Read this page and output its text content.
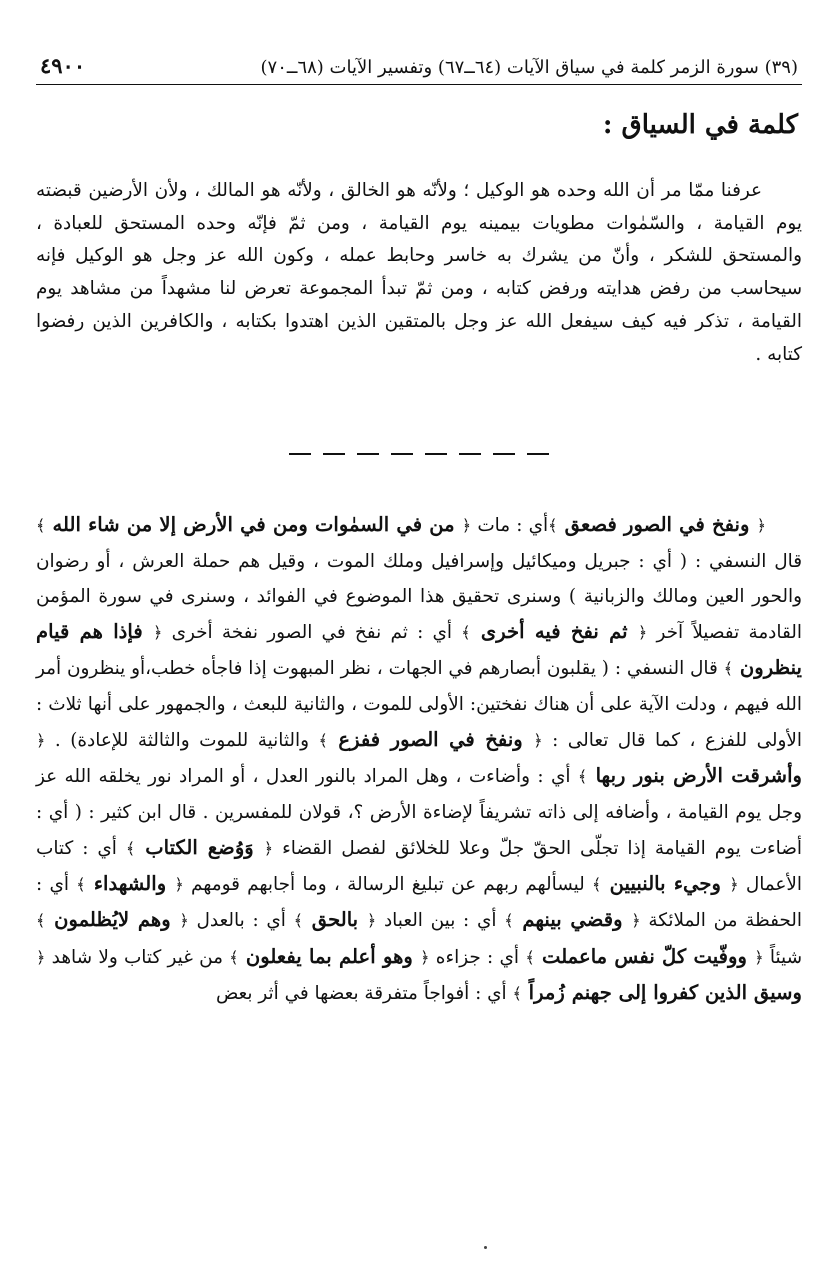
(٣٩) سورة الزمر كلمة في سياق الآيات (٦٤ــ٦٧) وتفسير الآيات (٦٨ــ٧٠)
٤٩٠٠
كلمة في السياق :

عرفنا ممّا مر أن الله وحده هو الوكيل ؛ ولأنّه هو الخالق ، ولأنّه هو المالك ، ولأن الأرضين قبضته يوم القيامة ، والسّمٰوات مطويات بيمينه يوم القيامة ، ومن ثمّ فإنّه وحده المستحق للعبادة ، والمستحق للشكر ، وأنّ من يشرك به خاسر وحابط عمله ، وكون الله عز وجل هو الوكيل فإنه سيحاسب من رفض هدايته ورفض كتابه ، ومن ثمّ تبدأ المجموعة تعرض لنا مشهداً من مشاهد يوم القيامة ، تذكر فيه كيف سيفعل الله عز وجل بالمتقين الذين اهتدوا بكتابه ، والكافرين الذين رفضوا كتابه .

﴿ ونفخ في الصور فصعق ﴾أي : مات ﴿ من في السمٰوات ومن في الأرض إلا من شاء الله ﴾ قال النسفي : ( أي : جبريل وميكائيل وإسرافيل وملك الموت ، وقيل هم حملة العرش ، أو رضوان والحور العين ومالك والزبانية ) وسنرى تحقيق هذا الموضوع في الفوائد ، وسنرى في سورة المؤمن القادمة تفصيلاً آخر ﴿ ثم نفخ فيه أخرى ﴾ أي : ثم نفخ في الصور نفخة أخرى ﴿ فإذا هم قيام ينظرون ﴾ قال النسفي : ( يقلبون أبصارهم في الجهات ، نظر المبهوت إذا فاجأه خطب،أو ينظرون أمر الله فيهم ، ودلت الآية على أن هناك نفختين: الأولى للموت ، والثانية للبعث ، والجمهور على أنها ثلاث : الأولى للفزع ، كما قال تعالى : ﴿ ونفخ في الصور ففزع ﴾ والثانية للموت والثالثة للإعادة) . ﴿ وأشرقت الأرض بنور ربها ﴾ أي : وأضاءت ، وهل المراد بالنور العدل ، أو المراد نور يخلقه الله عز وجل يوم القيامة ، وأضافه إلى ذاته تشريفاً لإضاءة الأرض ؟، قولان للمفسرين . قال ابن كثير : ( أي : أضاءت يوم القيامة إذا تجلّى الحقّ جلّ وعلا للخلائق لفصل القضاء ﴿ وَوُضع الكتاب ﴾ أي : كتاب الأعمال ﴿ وجيء بالنبيين ﴾ ليسألهم ربهم عن تبليغ الرسالة ، وما أجابهم قومهم ﴿ والشهداء ﴾ أي : الحفظة من الملائكة ﴿ وقضي بينهم ﴾ أي : بين العباد ﴿ بالحق ﴾ أي : بالعدل ﴿ وهم لايُظلمون ﴾ شيئاً ﴿ ووفّيت كلّ نفس ماعملت ﴾ أي : جزاءه ﴿ وهو أعلم بما يفعلون ﴾ من غير كتاب ولا شاهد ﴿ وسيق الذين كفروا إلى جهنم زُمراً ﴾ أي : أفواجاً متفرقة بعضها في أثر بعض
